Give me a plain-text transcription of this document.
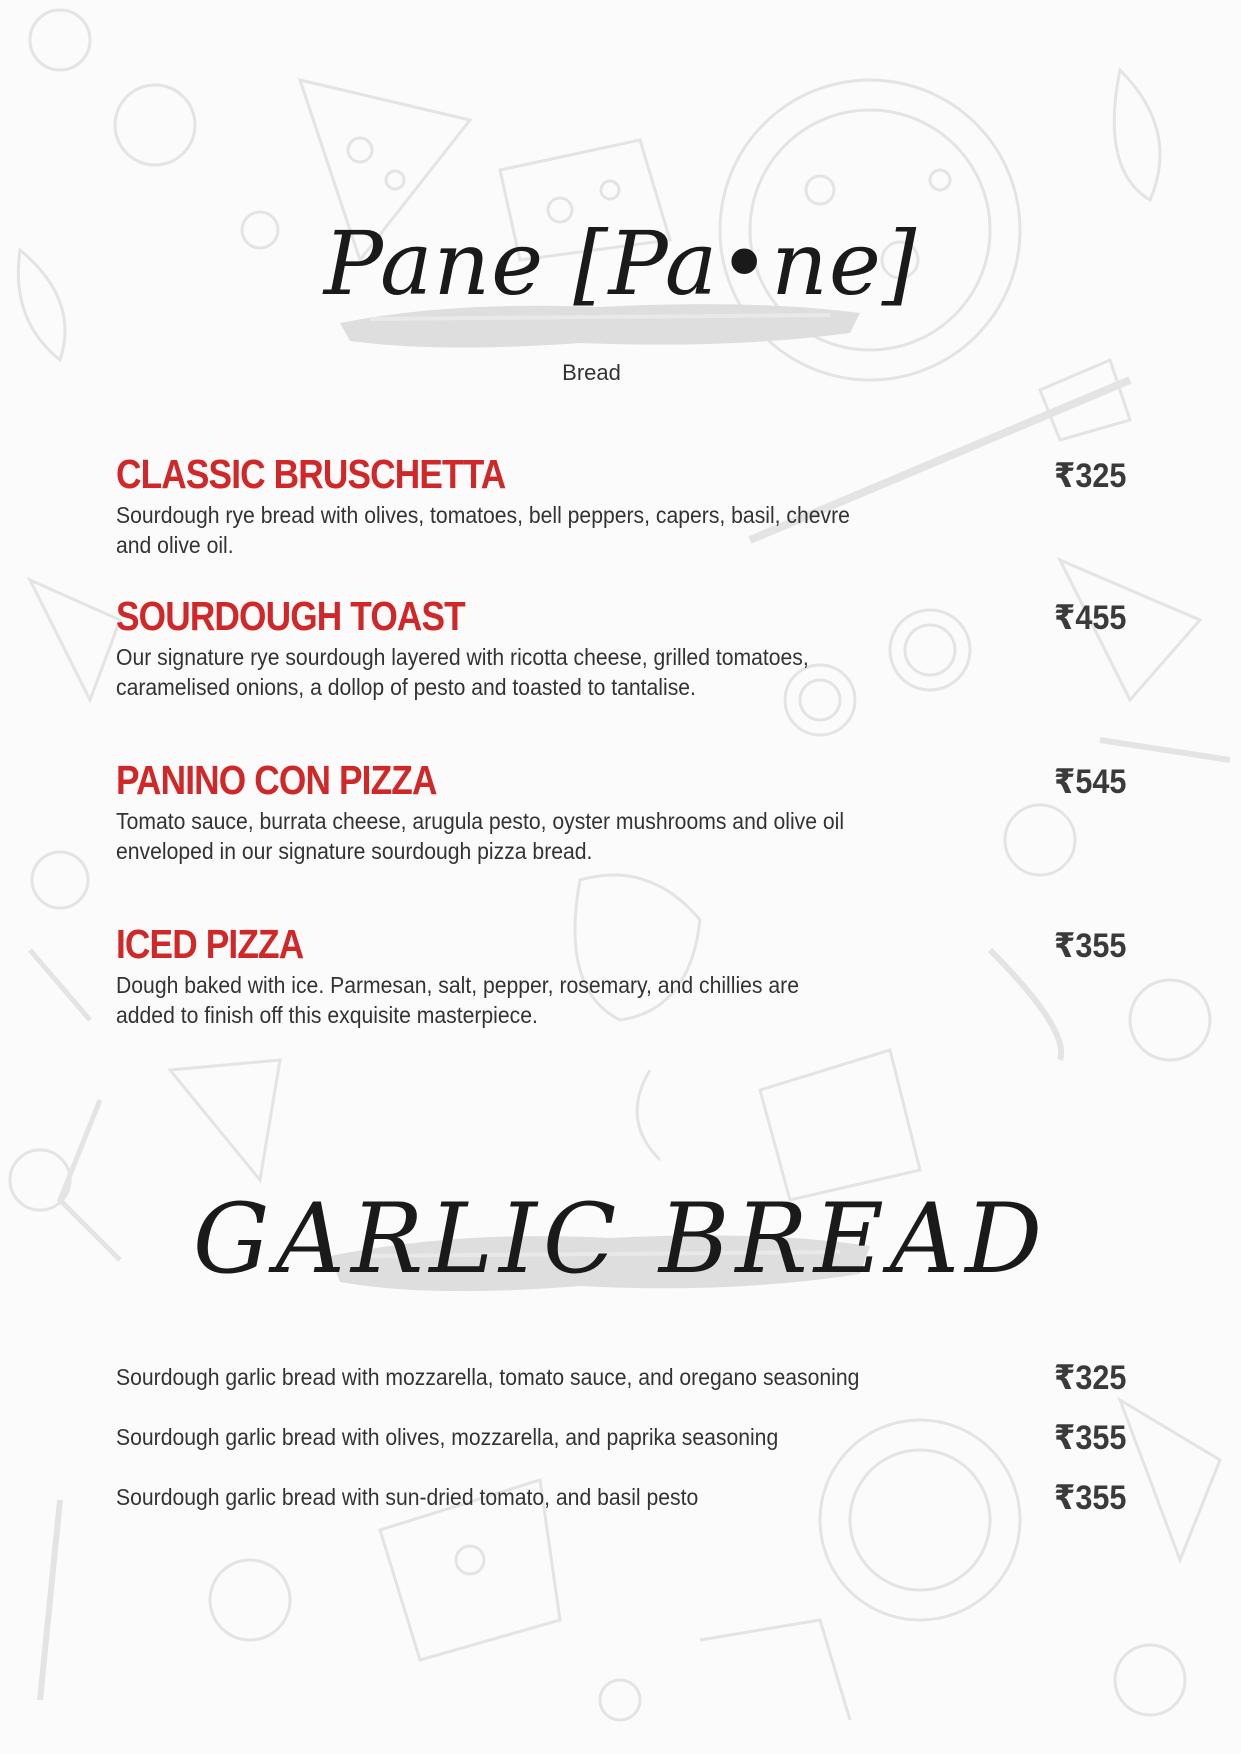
Pane [Pa•ne]
Bread
CLASSIC BRUSCHETTA	₹325
Sourdough rye bread with olives, tomatoes, bell peppers, capers, basil, chevre and olive oil.
SOURDOUGH TOAST	₹455
Our signature rye sourdough layered with ricotta cheese, grilled tomatoes, caramelised onions, a dollop of pesto and toasted to tantalise.
PANINO CON PIZZA	₹545
Tomato sauce, burrata cheese, arugula pesto, oyster mushrooms and olive oil enveloped in our signature sourdough pizza bread.
ICED PIZZA	₹355
Dough baked with ice. Parmesan, salt, pepper, rosemary, and chillies are added to finish off this exquisite masterpiece.
GARLIC BREAD
Sourdough garlic bread with mozzarella, tomato sauce, and oregano seasoning	₹325
Sourdough garlic bread with olives, mozzarella, and paprika seasoning	₹355
Sourdough garlic bread with sun-dried tomato, and basil pesto	₹355
